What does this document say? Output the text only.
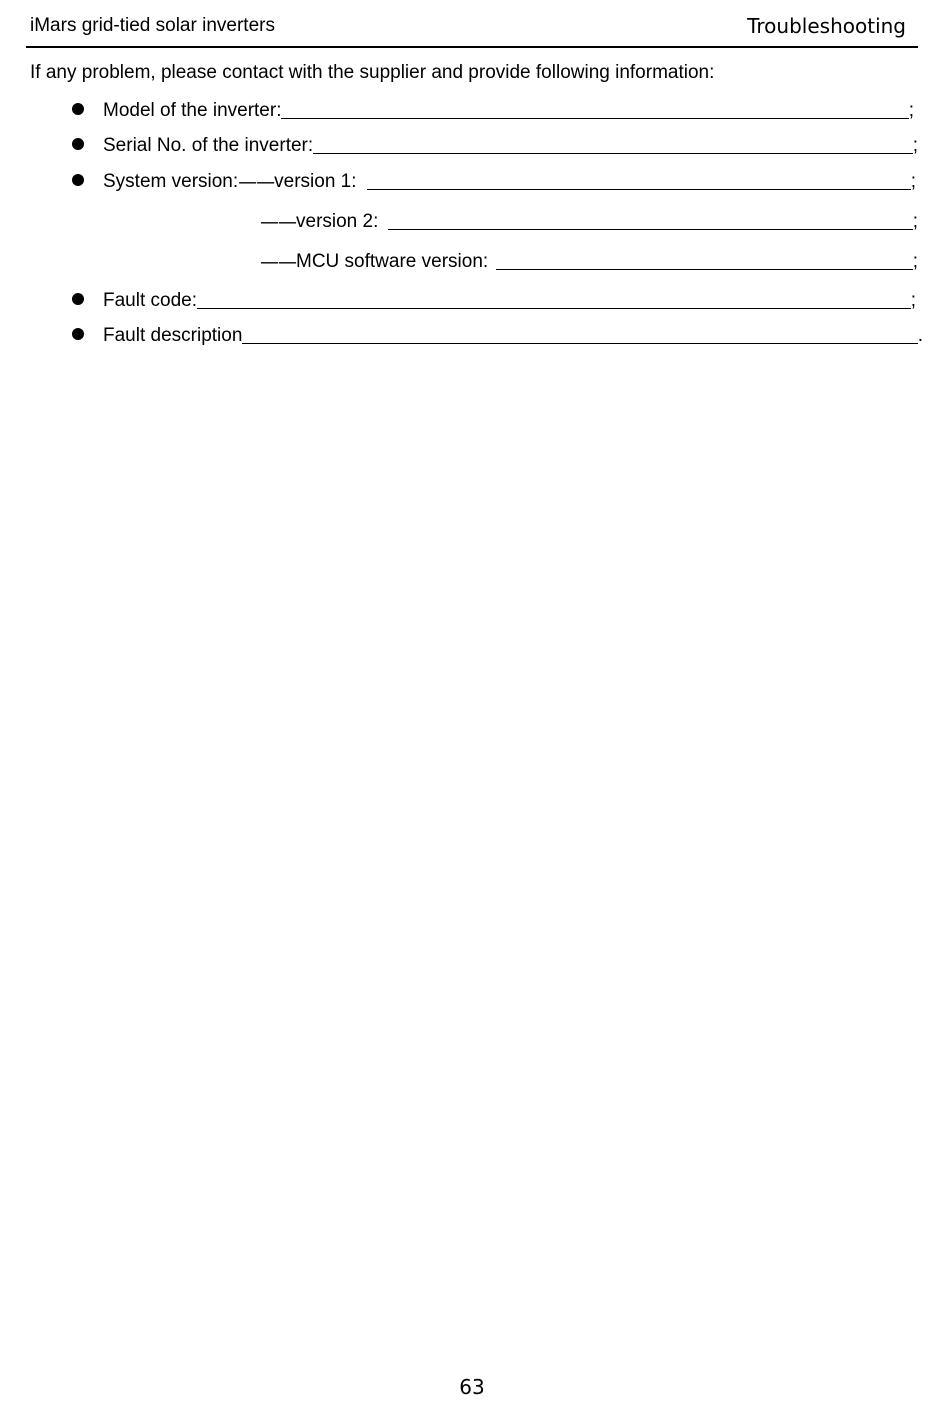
iMars grid-tied solar inverters	Troubleshooting
If any problem, please contact with the supplier and provide following information:
Model of the inverter:	;
Serial No. of the inverter:	;
System version: —— version 1:	;
—— version 2:	;
—— MCU software version:	;
Fault code:	;
Fault description	.
63
